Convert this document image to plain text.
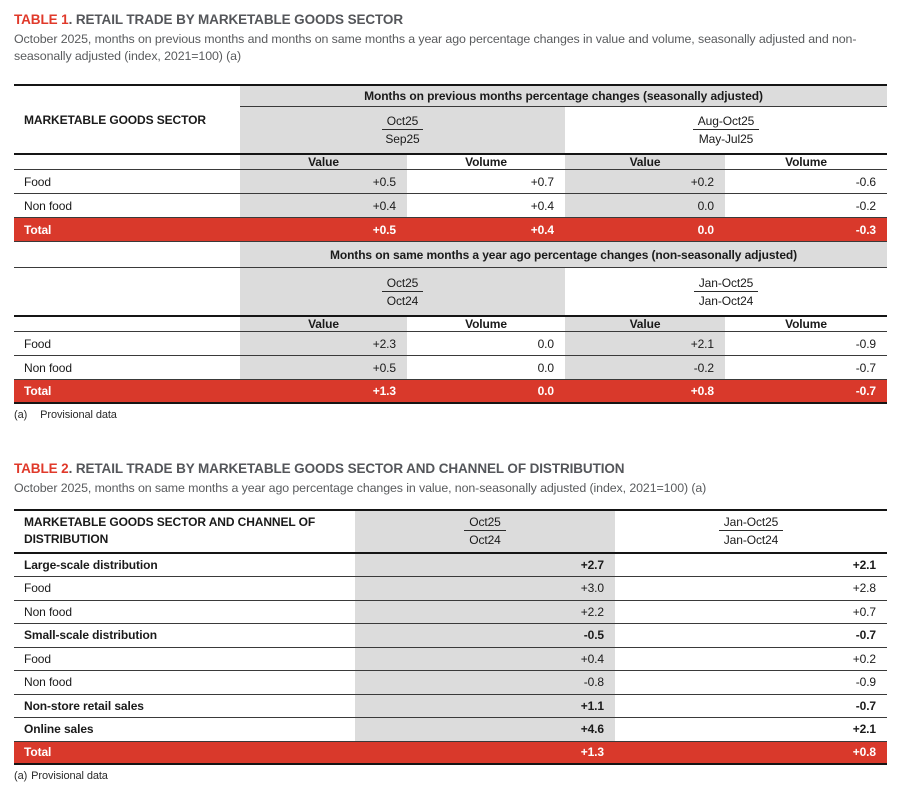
TABLE 1. RETAIL TRADE BY MARKETABLE GOODS SECTOR

October 2025, months on previous months and months on same months a year ago percentage changes in value and volume, seasonally adjusted and non-seasonally adjusted (index, 2021=100) (a)

MARKETABLE GOODS SECTOR
Months on previous months percentage changes (seasonally adjusted)
Oct25
Sep25
Aug-Oct25
May-Jul25
Value	Volume	Value	Volume
Food	+0.5	+0.7	+0.2	-0.6
Non food	+0.4	+0.4	0.0	-0.2
Total	+0.5	+0.4	0.0	-0.3
Months on same months a year ago percentage changes (non-seasonally adjusted)
Oct25
Oct24
Jan-Oct25
Jan-Oct24
Value	Volume	Value	Volume
Food	+2.3	0.0	+2.1	-0.9
Non food	+0.5	0.0	-0.2	-0.7
Total	+1.3	0.0	+0.8	-0.7

(a) Provisional data

TABLE 2. RETAIL TRADE BY MARKETABLE GOODS SECTOR AND CHANNEL OF DISTRIBUTION

October 2025, months on same months a year ago percentage changes in value, non-seasonally adjusted (index, 2021=100) (a)

MARKETABLE GOODS SECTOR AND CHANNEL OF DISTRIBUTION
Oct25
Oct24
Jan-Oct25
Jan-Oct24
Large-scale distribution	+2.7	+2.1
Food	+3.0	+2.8
Non food	+2.2	+0.7
Small-scale distribution	-0.5	-0.7
Food	+0.4	+0.2
Non food	-0.8	-0.9
Non-store retail sales	+1.1	-0.7
Online sales	+4.6	+2.1
Total	+1.3	+0.8

(a) Provisional data
